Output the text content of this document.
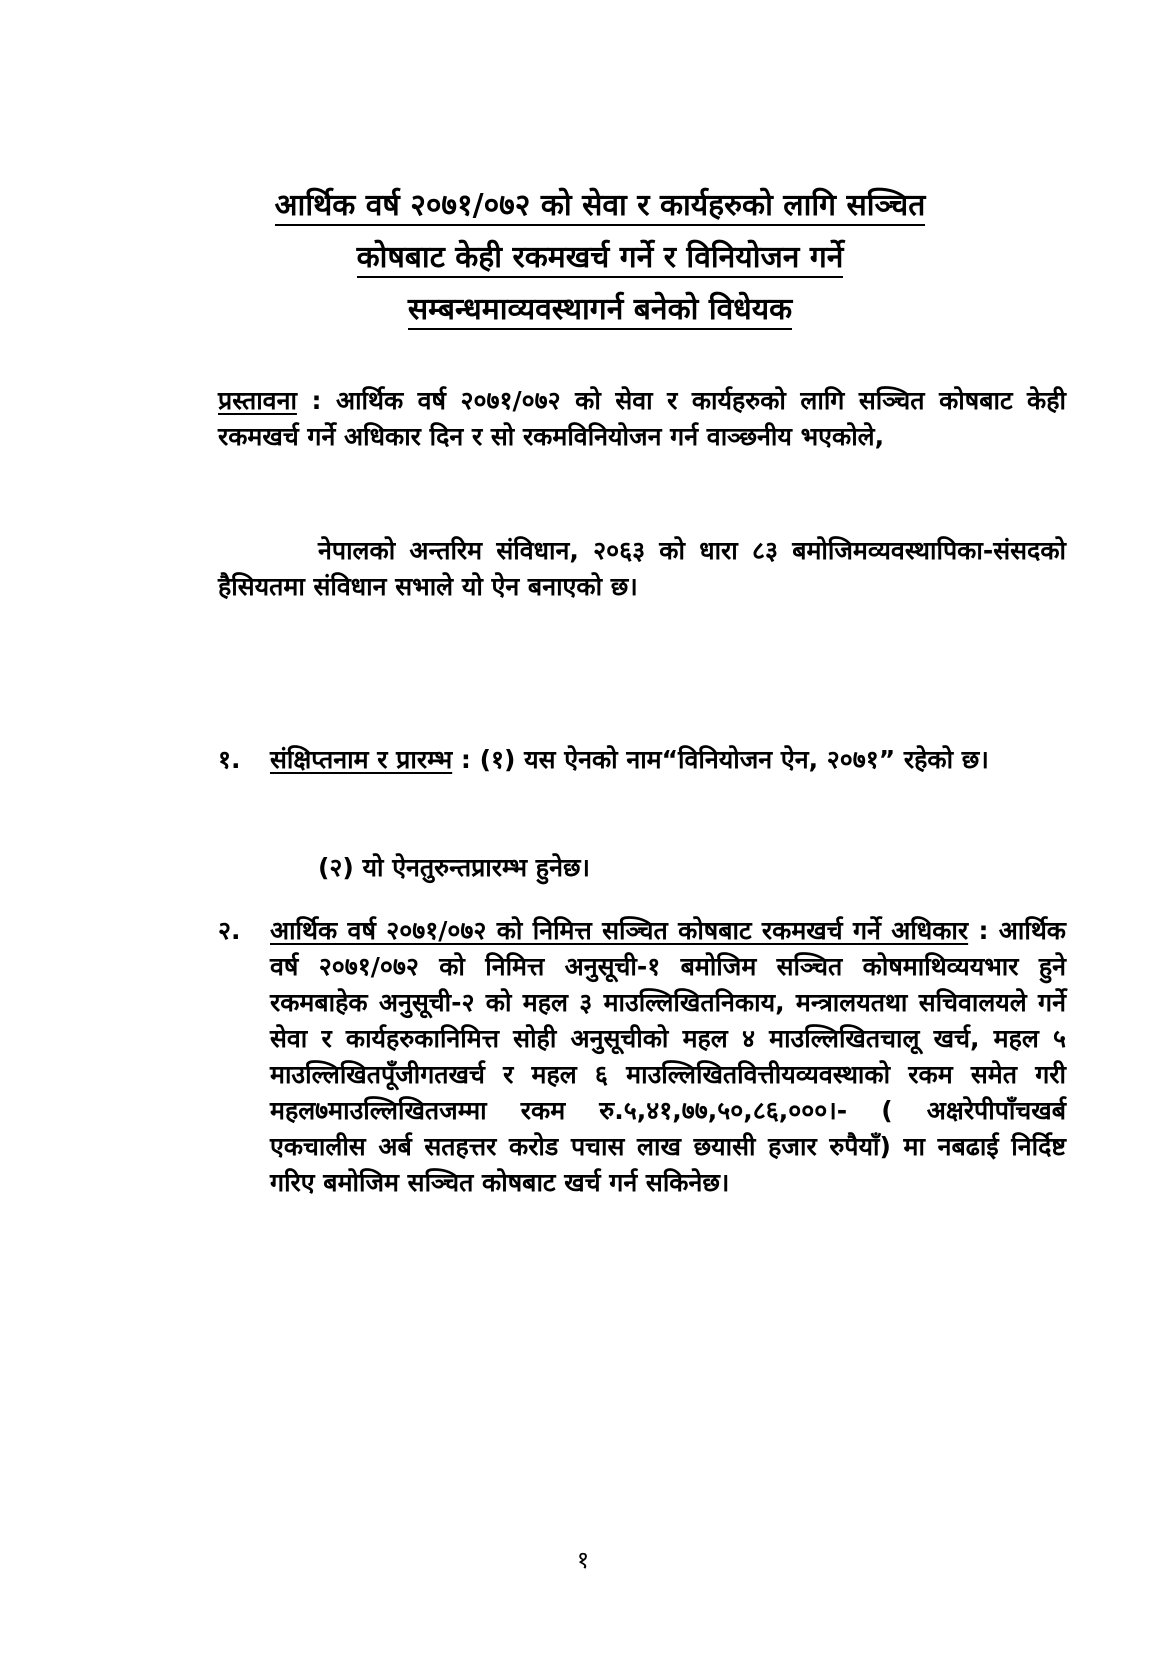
आर्थिक वर्ष २०७१/०७२ को सेवा र कार्यहरुको लागि सञ्चित
कोषबाट केही रकमखर्च गर्ने र विनियोजन गर्ने
सम्बन्धमाव्यवस्थागर्न बनेको विधेयक
प्रस्तावना : आर्थिक वर्ष २०७१/०७२ को सेवा र कार्यहरुको लागि सञ्चित कोषबाट केही रकमखर्च गर्ने अधिकार दिन र सो रकमविनियोजन गर्न वाञ्छनीय भएकोले,
नेपालको अन्तरिम संविधान, २०६३ को धारा ८३ बमोजिमव्यवस्थापिका-संसदको हैसियतमा संविधान सभाले यो ऐन बनाएको छ।
१.	संक्षिप्तनाम र प्रारम्भ : (१) यस ऐनको नाम“विनियोजन ऐन, २०७१” रहेको छ।
(२) यो ऐनतुरुन्तप्रारम्भ हुनेछ।
२.	आर्थिक वर्ष २०७१/०७२ को निमित्त सञ्चित कोषबाट रकमखर्च गर्ने अधिकार : आर्थिक वर्ष २०७१/०७२ को निमित्त अनुसूची-१ बमोजिम सञ्चित कोषमाथिव्ययभार हुने रकमबाहेक अनुसूची-२ को महल ३ माउल्लिखितनिकाय, मन्त्रालयतथा सचिवालयले गर्ने सेवा र कार्यहरुकानिमित्त सोही अनुसूचीको महल ४ माउल्लिखितचालू खर्च, महल ५ माउल्लिखितपूँजीगतखर्च र महल ६ माउल्लिखितवित्तीयव्यवस्थाको रकम समेत गरी महल७माउल्लिखितजम्मा रकम रु.५,४१,७७,५०,८६,०००।- ( अक्षरेपीपाँचखर्ब एकचालीस अर्ब सतहत्तर करोड पचास लाख छयासी हजार रुपैयाँ) मा नबढाई निर्दिष्ट गरिए बमोजिम सञ्चित कोषबाट खर्च गर्न सकिनेछ।
१
